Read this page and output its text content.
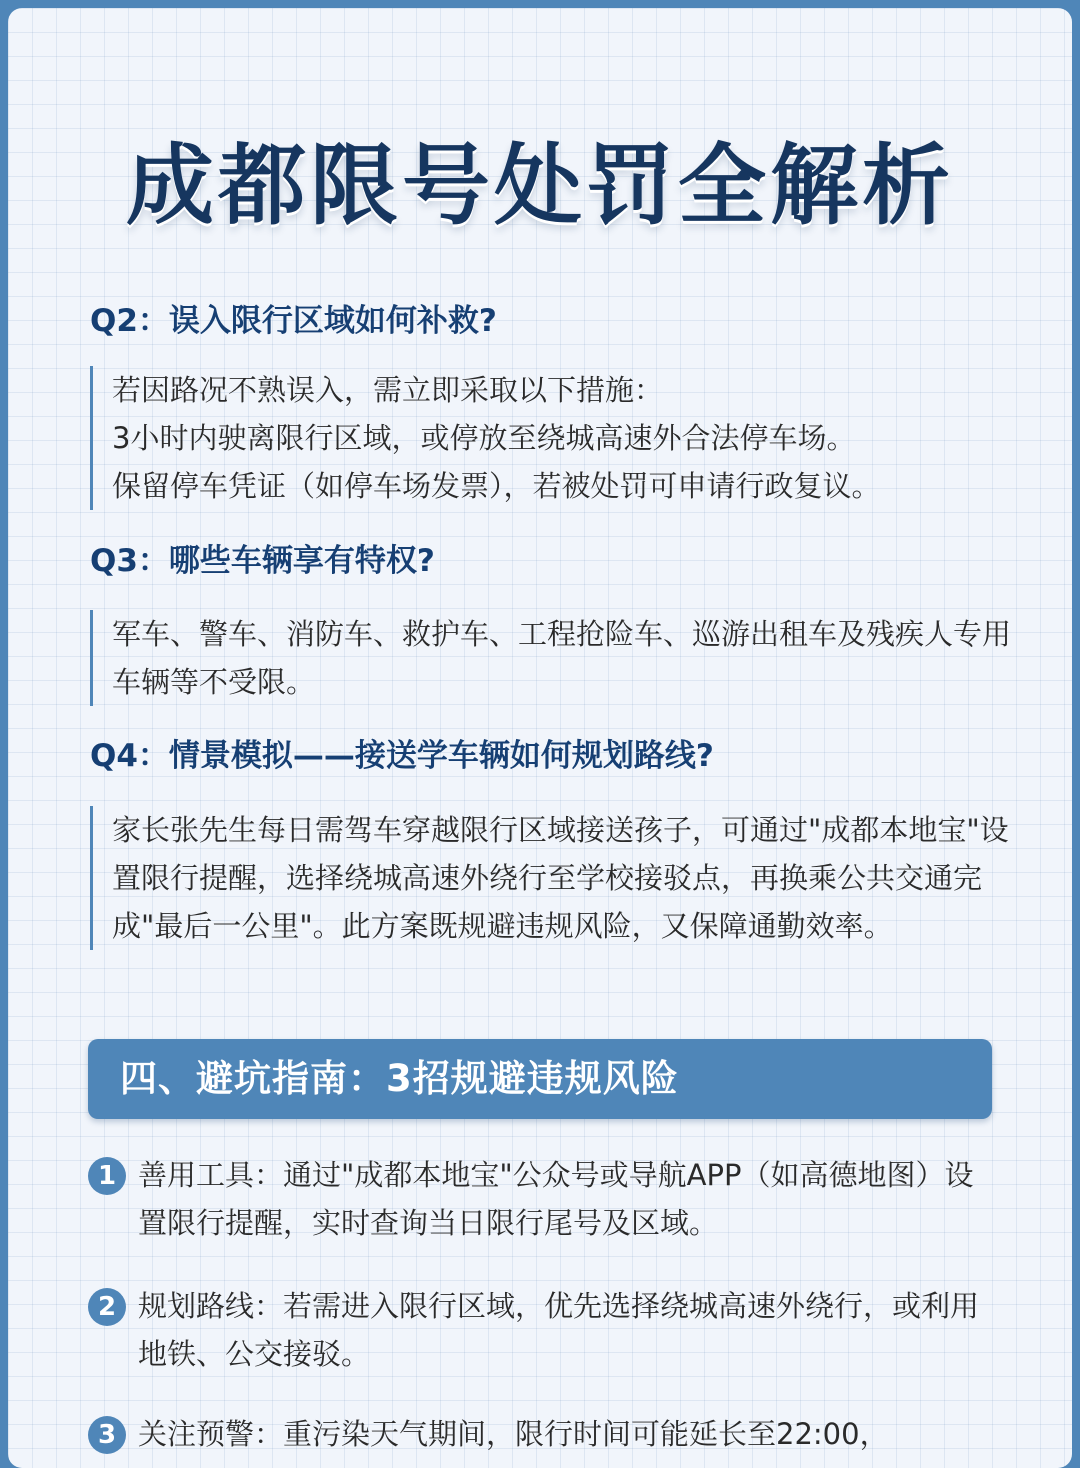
成都限号处罚全解析
Q2：误入限行区域如何补救?

若因路况不熟误入，需立即采取以下措施：

3小时内驶离限行区域，或停放至绕城高速外合法停车场。

保留停车凭证（如停车场发票），若被处罚可申请行政复议。

Q3：哪些车辆享有特权?

军车、警车、消防车、救护车、工程抢险车、巡游出租车及残疾人专用车辆等不受限。

Q4：情景模拟——接送学车辆如何规划路线?

家长张先生每日需驾车穿越限行区域接送孩子，可通过"成都本地宝"设置限行提醒，选择绕城高速外绕行至学校接驳点，再换乘公共交通完成"最后一公里"。此方案既规避违规风险，又保障通勤效率。

四、避坑指南：3招规避违规风险
1 善用工具：通过"成都本地宝"公众号或导航APP（如高德地图）设置限行提醒，实时查询当日限行尾号及区域。
2 规划路线：若需进入限行区域，优先选择绕城高速外绕行，或利用地铁、公交接驳。
3 关注预警：重污染天气期间，限行时间可能延长至22:00，
